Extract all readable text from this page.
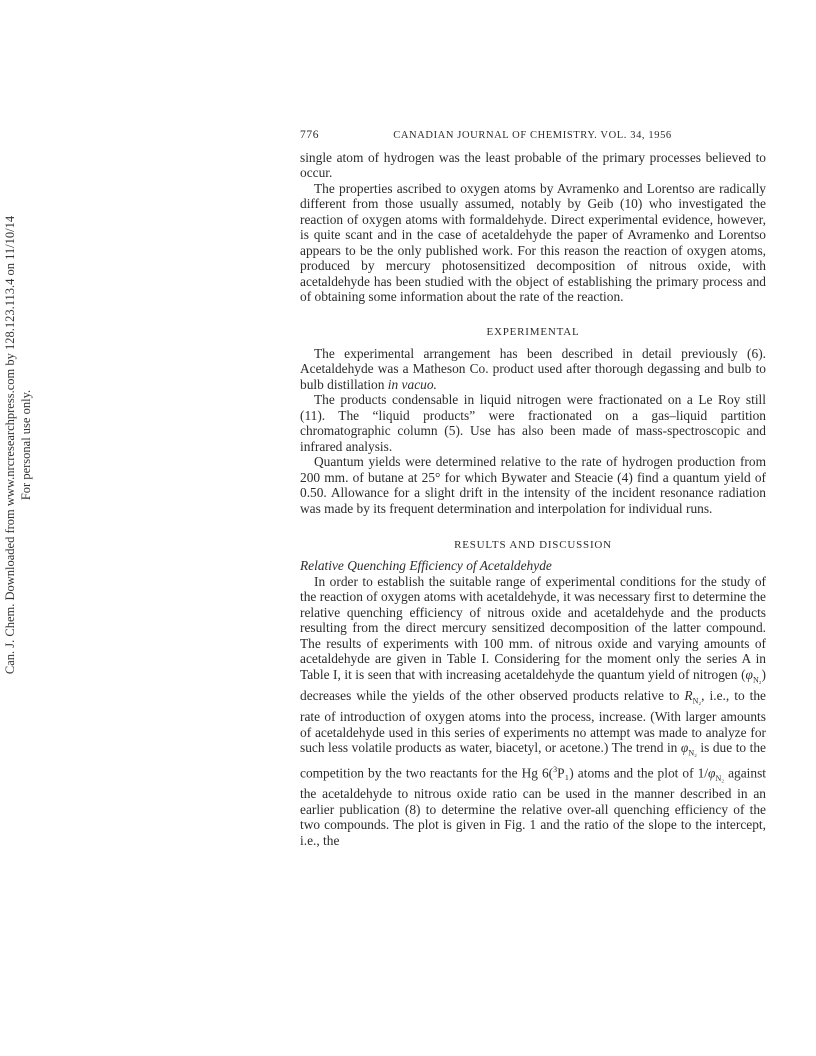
Can. J. Chem. Downloaded from www.nrcresearchpress.com by 128.123.113.4 on 11/10/14 For personal use only.
776	CANADIAN JOURNAL OF CHEMISTRY. VOL. 34, 1956

single atom of hydrogen was the least probable of the primary processes believed to occur.

The properties ascribed to oxygen atoms by Avramenko and Lorentso are radically different from those usually assumed, notably by Geib (10) who investigated the reaction of oxygen atoms with formaldehyde. Direct experimental evidence, however, is quite scant and in the case of acetaldehyde the paper of Avramenko and Lorentso appears to be the only published work. For this reason the reaction of oxygen atoms, produced by mercury photosensitized decomposition of nitrous oxide, with acetaldehyde has been studied with the object of establishing the primary process and of obtaining some information about the rate of the reaction.

EXPERIMENTAL

The experimental arrangement has been described in detail previously (6). Acetaldehyde was a Matheson Co. product used after thorough degassing and bulb to bulb distillation in vacuo.

The products condensable in liquid nitrogen were fractionated on a Le Roy still (11). The “liquid products” were fractionated on a gas–liquid partition chromatographic column (5). Use has also been made of mass-spectroscopic and infrared analysis.

Quantum yields were determined relative to the rate of hydrogen production from 200 mm. of butane at 25° for which Bywater and Steacie (4) find a quantum yield of 0.50. Allowance for a slight drift in the intensity of the incident resonance radiation was made by its frequent determination and interpolation for individual runs.

RESULTS AND DISCUSSION

Relative Quenching Efficiency of Acetaldehyde

In order to establish the suitable range of experimental conditions for the study of the reaction of oxygen atoms with acetaldehyde, it was necessary first to determine the relative quenching efficiency of nitrous oxide and acetaldehyde and the products resulting from the direct mercury sensitized decomposition of the latter compound. The results of experiments with 100 mm. of nitrous oxide and varying amounts of acetaldehyde are given in Table I. Considering for the moment only the series A in Table I, it is seen that with increasing acetaldehyde the quantum yield of nitrogen $(\varphi_{N_2})$ decreases while the yields of the other observed products relative to $R_{N_2}$, i.e., to the rate of introduction of oxygen atoms into the process, increase. (With larger amounts of acetaldehyde used in this series of experiments no attempt was made to analyze for such less volatile products as water, biacetyl, or acetone.) The trend in $\varphi_{N_2}$ is due to the competition by the two reactants for the Hg 6($^3$P₁) atoms and the plot of $1/\varphi_{N_2}$ against the acetaldehyde to nitrous oxide ratio can be used in the manner described in an earlier publication (8) to determine the relative over-all quenching efficiency of the two compounds. The plot is given in Fig. 1 and the ratio of the slope to the intercept, i.e., the
